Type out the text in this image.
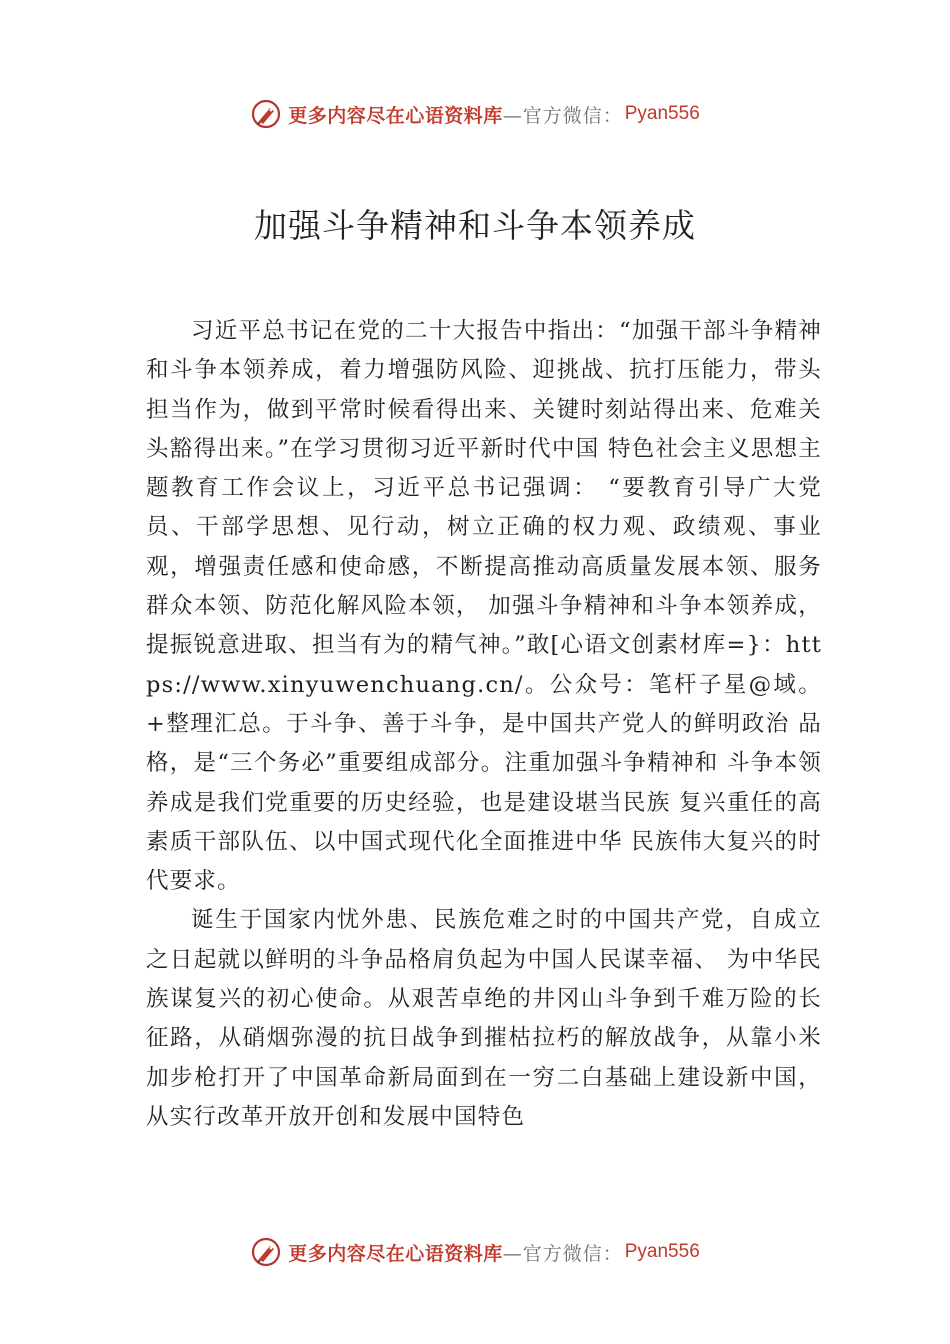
更多内容尽在心语资料库 —官方微信： Pyan556
加强斗争精神和斗争本领养成

习近平总书记在党的二十大报告中指出：“加强干部斗争精神和斗争本领养成，着力增强防风险、迎挑战、抗打压能力，带头担当作为，做到平常时候看得出来、关键时刻站得出来、危难关头豁得出来。”在学习贯彻习近平新时代中国 特色社会主义思想主题教育工作会议上，习近平总书记强调： “要教育引导广大党员、干部学思想、见行动，树立正确的权力观、政绩观、事业观，增强责任感和使命感，不断提高推动高质量发展本领、服务群众本领、防范化解风险本领， 加强斗争精神和斗争本领养成，提振锐意进取、担当有为的精气神。”敢[心语文创素材库=}：https://www.xinyuwenchuang.cn/。公众号：笔杆子星@域。+整理汇总。于斗争、善于斗争，是中国共产党人的鲜明政治 品格，是“三个务必”重要组成部分。注重加强斗争精神和 斗争本领养成是我们党重要的历史经验，也是建设堪当民族 复兴重任的高素质干部队伍、以中国式现代化全面推进中华 民族伟大复兴的时代要求。

诞生于国家内忧外患、民族危难之时的中国共产党，自成立之日起就以鲜明的斗争品格肩负起为中国人民谋幸福、 为中华民族谋复兴的初心使命。从艰苦卓绝的井冈山斗争到千难万险的长征路，从硝烟弥漫的抗日战争到摧枯拉朽的解放战争，从靠小米加步枪打开了中国革命新局面到在一穷二白基础上建设新中国，从实行改革开放开创和发展中国特色

更多内容尽在心语资料库 —官方微信： Pyan556
